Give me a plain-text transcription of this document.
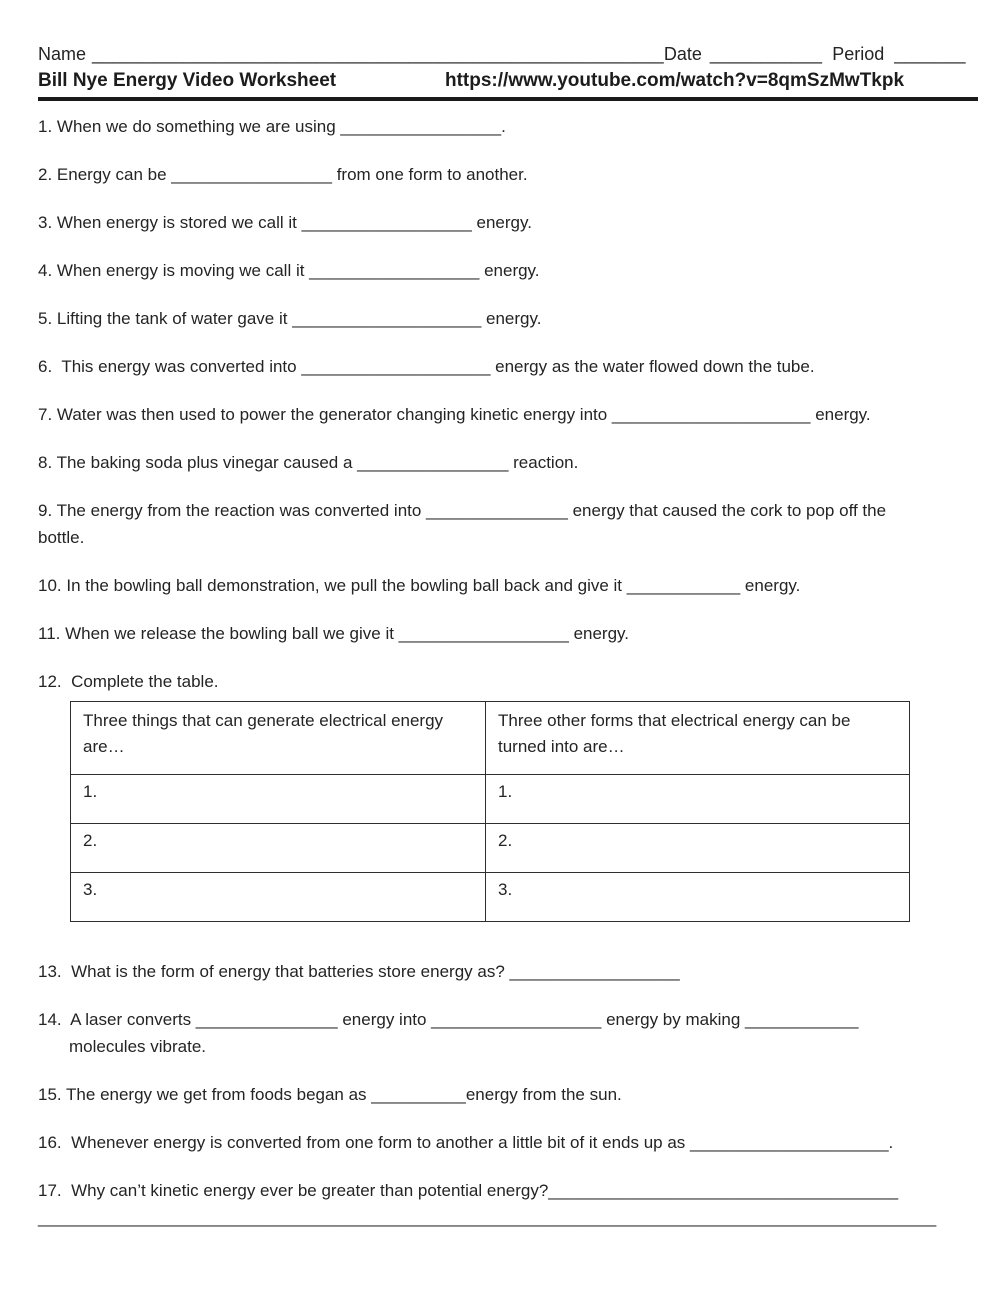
Name ________________________________________________________Date ___________ Period _______

Bill Nye Energy Video Worksheet	https://www.youtube.com/watch?v=8qmSzMwTkpk

1. When we do something we are using _________________.

2. Energy can be _________________ from one form to another.

3. When energy is stored we call it __________________ energy.

4. When energy is moving we call it __________________ energy.

5. Lifting the tank of water gave it ____________________ energy.

6.  This energy was converted into ____________________ energy as the water flowed down the tube.

7. Water was then used to power the generator changing kinetic energy into _____________________ energy.

8. The baking soda plus vinegar caused a ________________ reaction.

9. The energy from the reaction was converted into _______________ energy that caused the cork to pop off the
bottle.

10. In the bowling ball demonstration, we pull the bowling ball back and give it ____________ energy.

11. When we release the bowling ball we give it __________________ energy.

12.  Complete the table.

Three things that can generate electrical energy are…	Three other forms that electrical energy can be turned into are…
1.	1.
2.	2.
3.	3.

13.  What is the form of energy that batteries store energy as? __________________

14.  A laser converts _______________ energy into __________________ energy by making ____________
molecules vibrate.

15. The energy we get from foods began as __________energy from the sun.

16.  Whenever energy is converted from one form to another a little bit of it ends up as _____________________.

17.  Why can’t kinetic energy ever be greater than potential energy?_____________________________________
_______________________________________________________________________________________________
